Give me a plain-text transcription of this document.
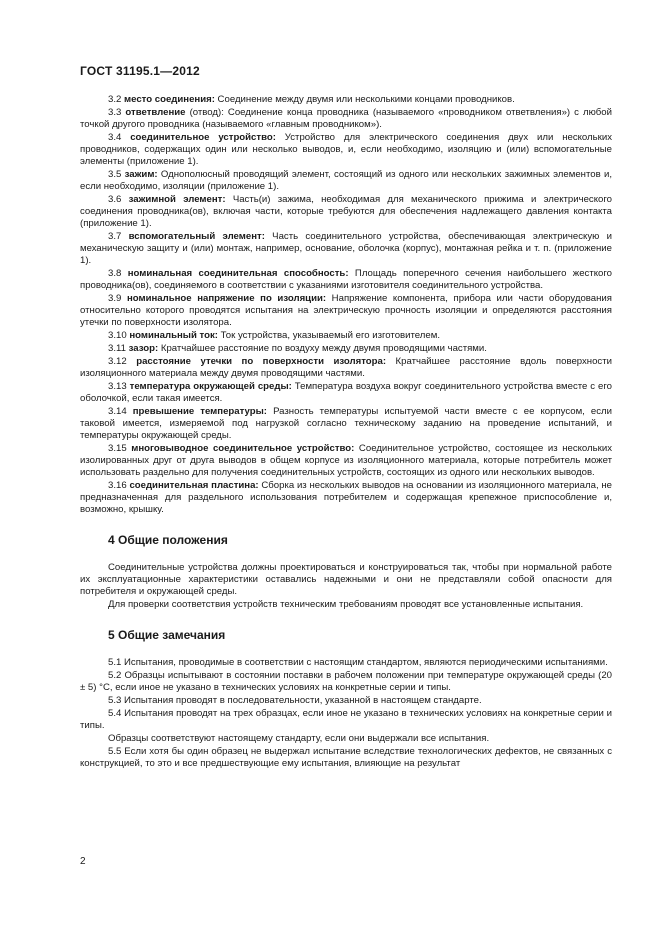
ГОСТ 31195.1—2012

3.2 место соединения: Соединение между двумя или несколькими концами проводников.

3.3 ответвление (отвод): Соединение конца проводника (называемого «проводником ответвления») с любой точкой другого проводника (называемого «главным проводником»).

3.4 соединительное устройство: Устройство для электрического соединения двух или нескольких проводников, содержащих один или несколько выводов, и, если необходимо, изоляцию и (или) вспомогательные элементы (приложение 1).

3.5 зажим: Однополюсный проводящий элемент, состоящий из одного или нескольких зажимных элементов и, если необходимо, изоляции (приложение 1).

3.6 зажимной элемент: Часть(и) зажима, необходимая для механического прижима и электрического соединения проводника(ов), включая части, которые требуются для обеспечения надлежащего давления контакта (приложение 1).

3.7 вспомогательный элемент: Часть соединительного устройства, обеспечивающая электрическую и механическую защиту и (или) монтаж, например, основание, оболочка (корпус), монтажная рейка и т. п. (приложение 1).

3.8 номинальная соединительная способность: Площадь поперечного сечения наибольшего жесткого проводника(ов), соединяемого в соответствии с указаниями изготовителя соединительного устройства.

3.9 номинальное напряжение по изоляции: Напряжение компонента, прибора или части оборудования относительно которого проводятся испытания на электрическую прочность изоляции и определяются расстояния утечки по поверхности изолятора.

3.10 номинальный ток: Ток устройства, указываемый его изготовителем.

3.11 зазор: Кратчайшее расстояние по воздуху между двумя проводящими частями.

3.12 расстояние утечки по поверхности изолятора: Кратчайшее расстояние вдоль поверхности изоляционного материала между двумя проводящими частями.

3.13 температура окружающей среды: Температура воздуха вокруг соединительного устройства вместе с его оболочкой, если такая имеется.

3.14 превышение температуры: Разность температуры испытуемой части вместе с ее корпусом, если таковой имеется, измеряемой под нагрузкой согласно техническому заданию на проведение испытаний, и температуры окружающей среды.

3.15 многовыводное соединительное устройство: Соединительное устройство, состоящее из нескольких изолированных друг от друга выводов в общем корпусе из изоляционного материала, которые потребитель может использовать раздельно для получения соединительных устройств, состоящих из одного или нескольких выводов.

3.16 соединительная пластина: Сборка из нескольких выводов на основании из изоляционного материала, не предназначенная для раздельного использования потребителем и содержащая крепежное приспособление и, возможно, крышку.

4 Общие положения

Соединительные устройства должны проектироваться и конструироваться так, чтобы при нормальной работе их эксплуатационные характеристики оставались надежными и они не представляли собой опасности для потребителя и окружающей среды.

Для проверки соответствия устройств техническим требованиям проводят все установленные испытания.

5 Общие замечания

5.1 Испытания, проводимые в соответствии с настоящим стандартом, являются периодическими испытаниями.

5.2 Образцы испытывают в состоянии поставки в рабочем положении при температуре окружающей среды (20 ± 5) °С, если иное не указано в технических условиях на конкретные серии и типы.

5.3 Испытания проводят в последовательности, указанной в настоящем стандарте.

5.4 Испытания проводят на трех образцах, если иное не указано в технических условиях на конкретные серии и типы.

Образцы соответствуют настоящему стандарту, если они выдержали все испытания.

5.5 Если хотя бы один образец не выдержал испытание вследствие технологических дефектов, не связанных с конструкцией, то это и все предшествующие ему испытания, влияющие на результат

2
